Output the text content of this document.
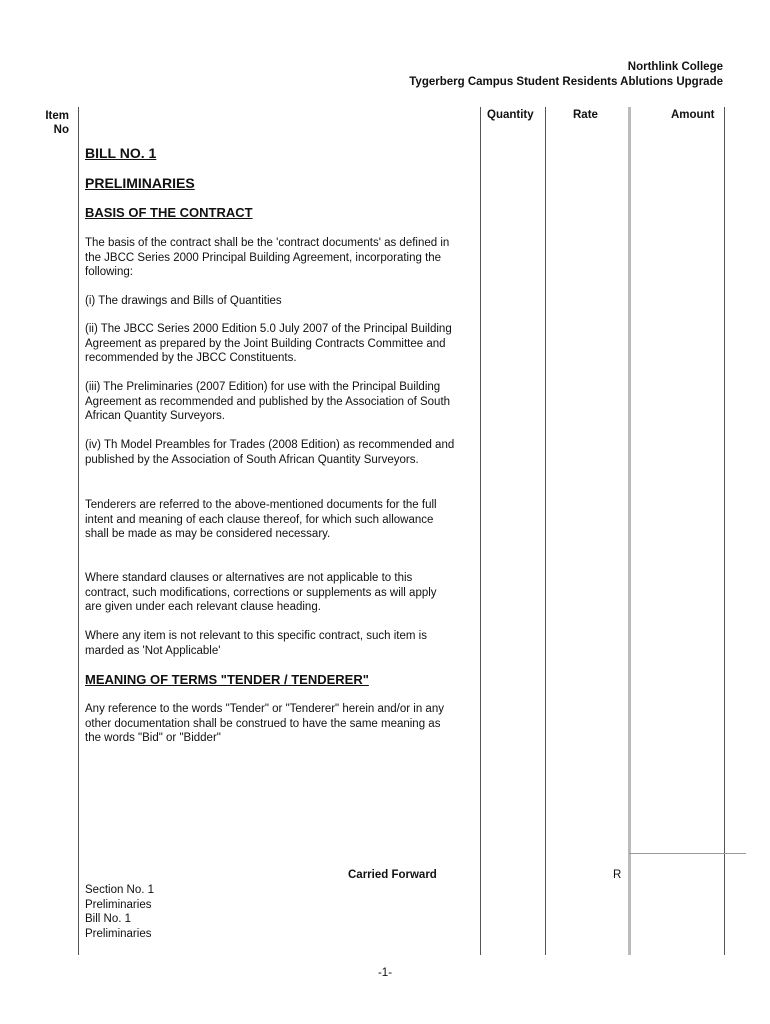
Northlink College
Tygerberg Campus Student Residents Ablutions Upgrade
Item
No
Quantity	Rate	Amount
BILL NO. 1
PRELIMINARIES
BASIS OF THE CONTRACT

The basis of the contract shall be the 'contract documents' as defined in the JBCC Series 2000 Principal Building Agreement, incorporating the following:

(i) The drawings and Bills of Quantities

(ii) The JBCC Series 2000 Edition 5.0 July 2007 of the Principal Building Agreement as prepared by the Joint Building Contracts Committee and recommended by the JBCC Constituents.

(iii) The Preliminaries (2007 Edition) for use with the Principal Building Agreement as recommended and published by the Association of South African Quantity Surveyors.

(iv) Th Model Preambles for Trades (2008 Edition) as recommended and published by the Association of South African Quantity Surveyors.

Tenderers are referred to the above-mentioned documents for the full intent and meaning of each clause thereof, for which such allowance shall be made as may be considered necessary.

Where standard clauses or alternatives are not applicable to this contract, such modifications, corrections or supplements as will apply are given under each relevant clause heading.

Where any item is not relevant to this specific contract, such item is marded as 'Not Applicable'

MEANING OF TERMS "TENDER / TENDERER"

Any reference to the words "Tender" or "Tenderer" herein and/or in any other documentation shall be construed to have the same meaning as the words "Bid" or "Bidder"

Carried Forward	R
Section No. 1
Preliminaries
Bill No. 1
Preliminaries
-1-
